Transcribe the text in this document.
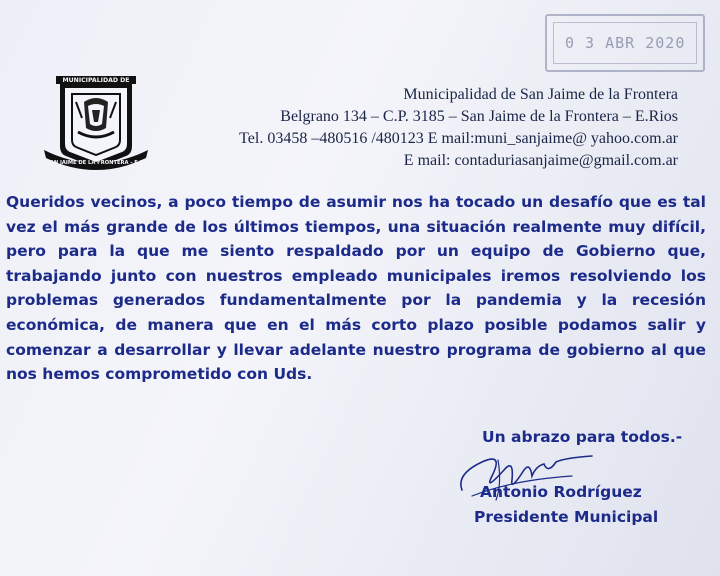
0 3 ABR 2020
MUNICIPALIDAD DE
SAN JAIME DE LA FRONTERA - E.R.
Municipalidad de San Jaime de la Frontera
Belgrano 134 – C.P. 3185 – San Jaime de la Frontera – E.Rios
Tel. 03458 –480516 /480123 E mail:muni_sanjaime@ yahoo.com.ar
E mail: contaduriasanjaime@gmail.com.ar

Queridos vecinos, a poco tiempo de asumir nos ha tocado un desafío que es tal vez el más grande de los últimos tiempos, una situación realmente muy difícil, pero para la que me siento respaldado por un equipo de Gobierno que, trabajando junto con nuestros empleado municipales iremos resolviendo los problemas generados fundamentalmente por la pandemia y la recesión económica, de manera que en el más corto plazo posible podamos salir y comenzar a desarrollar y llevar adelante nuestro programa de gobierno al que nos hemos comprometido con Uds.

Un abrazo para todos.-
Antonio Rodríguez
Presidente Municipal
